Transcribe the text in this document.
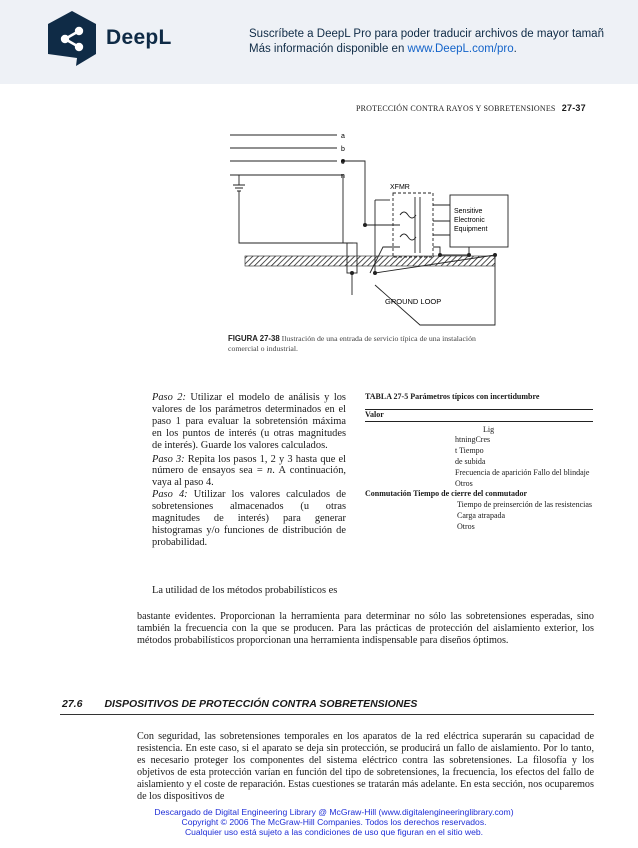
DeepL	Suscríbete a DeepL Pro para poder traducir archivos de mayor tamañ
Más información disponible en www.DeepL.com/pro.
PROTECCIÓN CONTRA RAYOS Y SOBRETENSIONES 27-37
a
b
c
n
XFMR
Sensitive
Electronic
Equipment
GROUND LOOP
FIGURA 27-38 Ilustración de una entrada de servicio típica de una instalación comercial o industrial.

Paso 2: Utilizar el modelo de análisis y los valores de los parámetros determinados en el paso 1 para evaluar la sobretensión máxima en los puntos de interés (u otras magnitudes de interés). Guarde los valores calculados.

Paso 3: Repita los pasos 1, 2 y 3 hasta que el número de ensayos sea = n. A continuación, vaya al paso 4.

Paso 4: Utilizar los valores calculados de sobretensiones almacenados (u otras magnitudes de interés) para generar histogramas y/o funciones de distribución de probabilidad.

TABLA 27-5 Parámetros típicos con incertidumbre
Valor
Lig
htningCres
t Tiempo
de subida
Frecuencia de aparición Fallo del blindaje
Otros
Conmutación Tiempo de cierre del conmutador
Tiempo de preinserción de las resistencias Carga atrapada
Otros
La utilidad de los métodos probabilísticos es
bastante evidentes. Proporcionan la herramienta para determinar no sólo las sobretensiones esperadas, sino también la frecuencia con la que se producen. Para las prácticas de protección del aislamiento exterior, los métodos probabilísticos proporcionan una herramienta indispensable para diseños óptimos.
27.6 DISPOSITIVOS DE PROTECCIÓN CONTRA SOBRETENSIONES
Con seguridad, las sobretensiones temporales en los aparatos de la red eléctrica superarán su capacidad de resistencia. En este caso, si el aparato se deja sin protección, se producirá un fallo de aislamiento. Por lo tanto, es necesario proteger los componentes del sistema eléctrico contra las sobretensiones. La filosofía y los objetivos de esta protección varían en función del tipo de sobretensiones, la frecuencia, los efectos del fallo de aislamiento y el coste de reparación. Estas cuestiones se tratarán más adelante. En esta sección, nos ocuparemos de los dispositivos de
Descargado de Digital Engineering Library @ McGraw-Hill (www.digitalengineeringlibrary.com)
Copyright © 2006 The McGraw-Hill Companies. Todos los derechos reservados.
Cualquier uso está sujeto a las condiciones de uso que figuran en el sitio web.
